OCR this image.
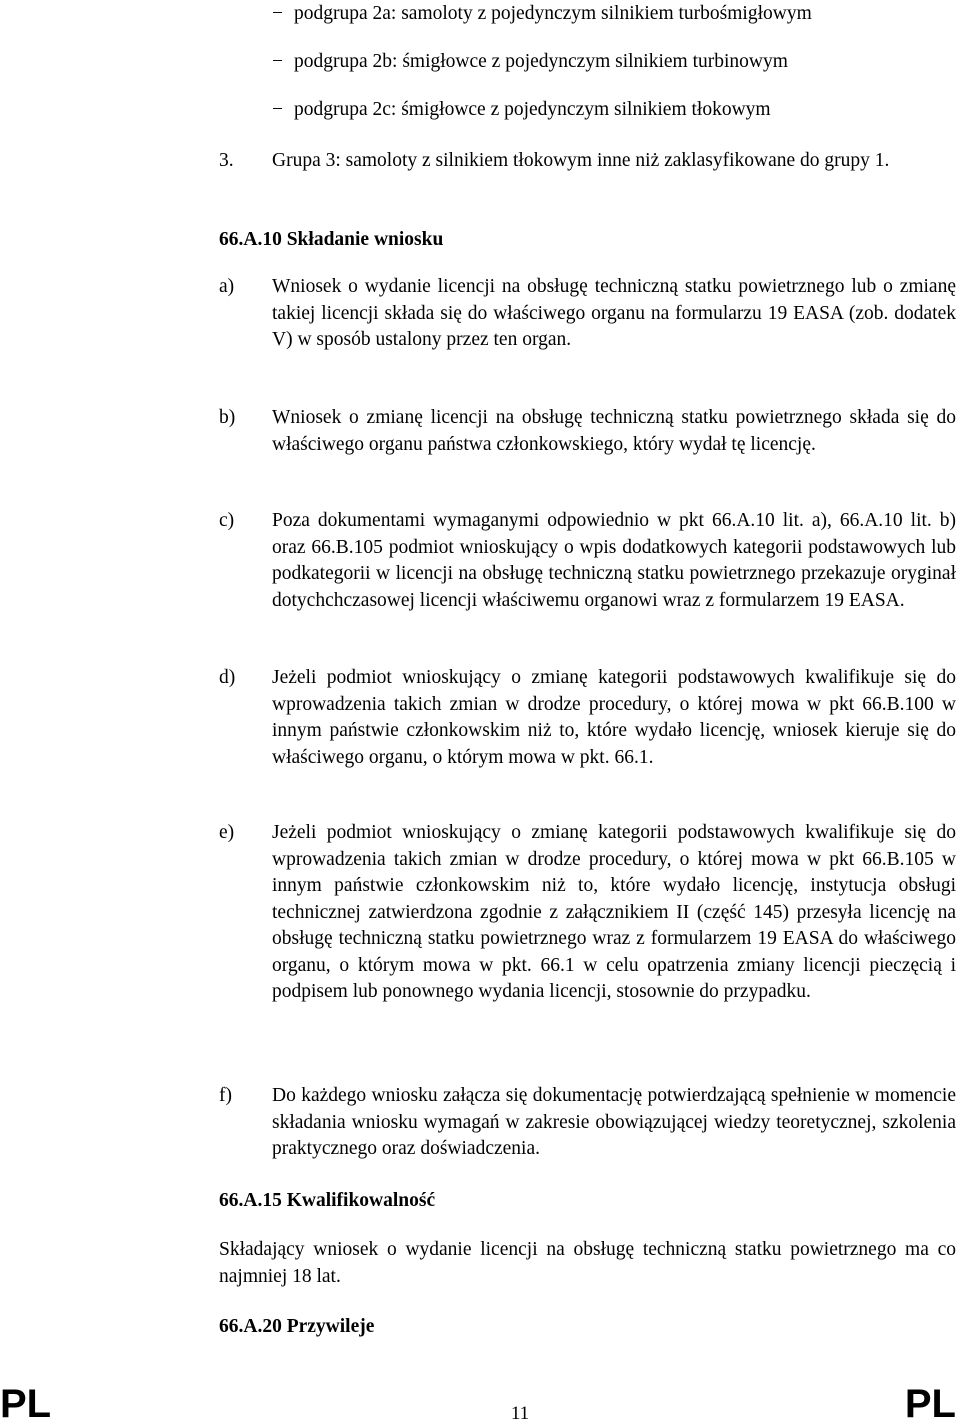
− podgrupa 2a: samoloty z pojedynczym silnikiem turbośmigłowym
− podgrupa 2b: śmigłowce z pojedynczym silnikiem turbinowym
− podgrupa 2c: śmigłowce z pojedynczym silnikiem tłokowym
3. Grupa 3: samoloty z silnikiem tłokowym inne niż zaklasyfikowane do grupy 1.
66.A.10 Składanie wniosku
a) Wniosek o wydanie licencji na obsługę techniczną statku powietrznego lub o zmianę takiej licencji składa się do właściwego organu na formularzu 19 EASA (zob. dodatek V) w sposób ustalony przez ten organ.
b) Wniosek o zmianę licencji na obsługę techniczną statku powietrznego składa się do właściwego organu państwa członkowskiego, który wydał tę licencję.
c) Poza dokumentami wymaganymi odpowiednio w pkt 66.A.10 lit. a), 66.A.10 lit. b) oraz 66.B.105 podmiot wnioskujący o wpis dodatkowych kategorii podstawowych lub podkategorii w licencji na obsługę techniczną statku powietrznego przekazuje oryginał dotychchczasowej licencji właściwemu organowi wraz z formularzem 19 EASA.
d) Jeżeli podmiot wnioskujący o zmianę kategorii podstawowych kwalifikuje się do wprowadzenia takich zmian w drodze procedury, o której mowa w pkt 66.B.100 w innym państwie członkowskim niż to, które wydało licencję, wniosek kieruje się do właściwego organu, o którym mowa w pkt. 66.1.
e) Jeżeli podmiot wnioskujący o zmianę kategorii podstawowych kwalifikuje się do wprowadzenia takich zmian w drodze procedury, o której mowa w pkt 66.B.105 w innym państwie członkowskim niż to, które wydało licencję, instytucja obsługi technicznej zatwierdzona zgodnie z załącznikiem II (część 145) przesyła licencję na obsługę techniczną statku powietrznego wraz z formularzem 19 EASA do właściwego organu, o którym mowa w pkt. 66.1 w celu opatrzenia zmiany licencji pieczęcią i podpisem lub ponownego wydania licencji, stosownie do przypadku.
f) Do każdego wniosku załącza się dokumentację potwierdzającą spełnienie w momencie składania wniosku wymagań w zakresie obowiązującej wiedzy teoretycznej, szkolenia praktycznego oraz doświadczenia.
66.A.15 Kwalifikowalność
Składający wniosek o wydanie licencji na obsługę techniczną statku powietrznego ma co najmniej 18 lat.
66.A.20 Przywileje
PL	11	PL
